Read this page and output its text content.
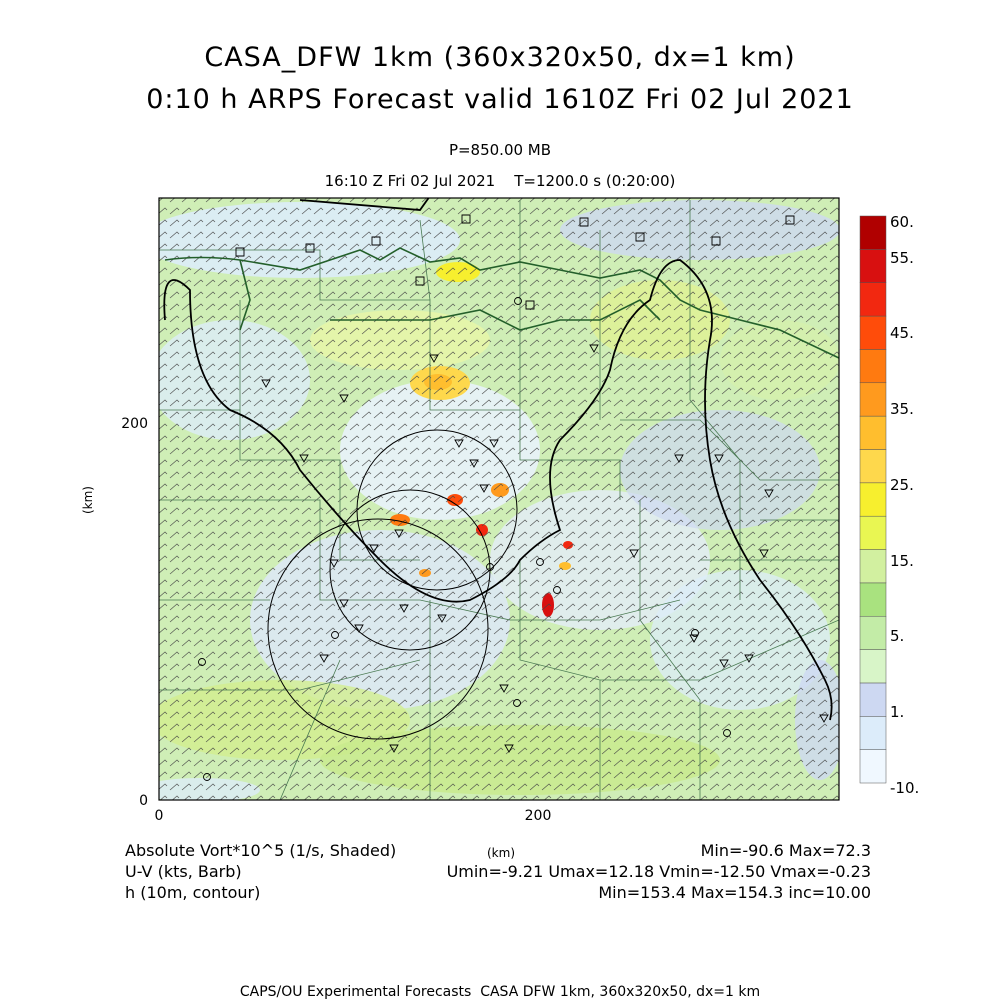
CASA_DFW 1km (360x320x50, dx=1 km)
0:10 h ARPS Forecast valid 1610Z Fri 02 Jul 2021
P=850.00 MB
16:10 Z Fri 02 Jul 2021    T=1200.0 s (0:20:00)
0	200
0
200
(km)
60.
55.
45.
35.
25.
15.
5.
1.
-10.
Absolute Vort*10^5 (1/s, Shaded)
U-V (kts, Barb)
h (10m, contour)
(km)	Min=-90.6 Max=72.3
Umin=-9.21 Umax=12.18 Vmin=-12.50 Vmax=-0.23
Min=153.4 Max=154.3 inc=10.00
CAPS/OU Experimental Forecasts  CASA DFW 1km, 360x320x50, dx=1 km
